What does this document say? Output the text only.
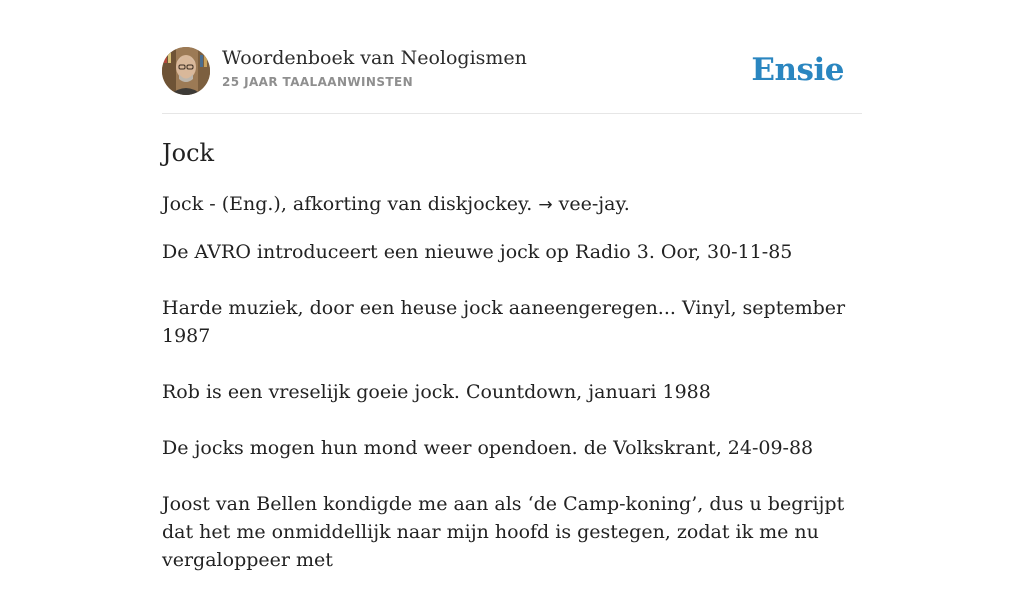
Woordenboek van Neologismen
25 JAAR TAALAANWINSTEN	Ensie
Jock
Jock - (Eng.), afkorting van diskjockey. → vee-jay.

De AVRO introduceert een nieuwe jock op Radio 3. Oor, 30-11-85

Harde muziek, door een heuse jock aaneengeregen... Vinyl, september 1987

Rob is een vreselijk goeie jock. Countdown, januari 1988

De jocks mogen hun mond weer opendoen. de Volkskrant, 24-09-88

Joost van Bellen kondigde me aan als ‘de Camp-koning’, dus u begrijpt dat het me onmiddellijk naar mijn hoofd is gestegen, zodat ik me nu vergaloppeer met
